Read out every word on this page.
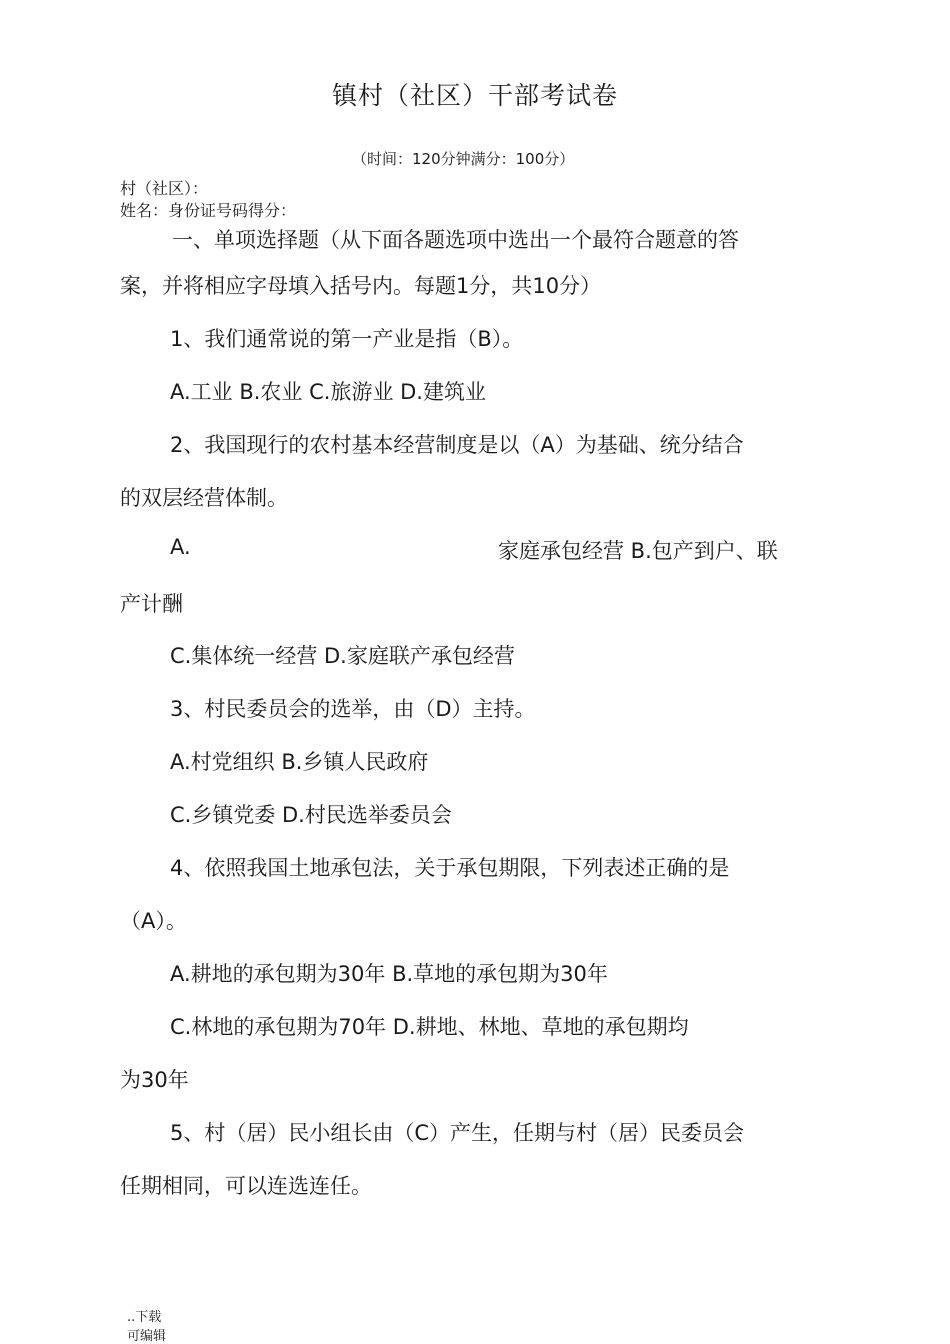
镇村（社区）干部考试卷
（时间：120分钟满分：100分）
村（社区）：
姓名：身份证号码得分：
一、单项选择题（从下面各题选项中选出一个最符合题意的答
案，并将相应字母填入括号内。每题1分，共10分）
1、我们通常说的第一产业是指（B）。
A.工业 B.农业 C.旅游业 D.建筑业
2、我国现行的农村基本经营制度是以（A）为基础、统分结合
的双层经营体制。
A.	家庭承包经营 B.包产到户、联
产计酬
C.集体统一经营 D.家庭联产承包经营
3、村民委员会的选举，由（D）主持。
A.村党组织 B.乡镇人民政府
C.乡镇党委 D.村民选举委员会
4、依照我国土地承包法，关于承包期限，下列表述正确的是
（A）。
A.耕地的承包期为30年 B.草地的承包期为30年
C.林地的承包期为70年 D.耕地、林地、草地的承包期均
为30年
5、村（居）民小组长由（C）产生，任期与村（居）民委员会
任期相同，可以连选连任。
..下载
可编辑
